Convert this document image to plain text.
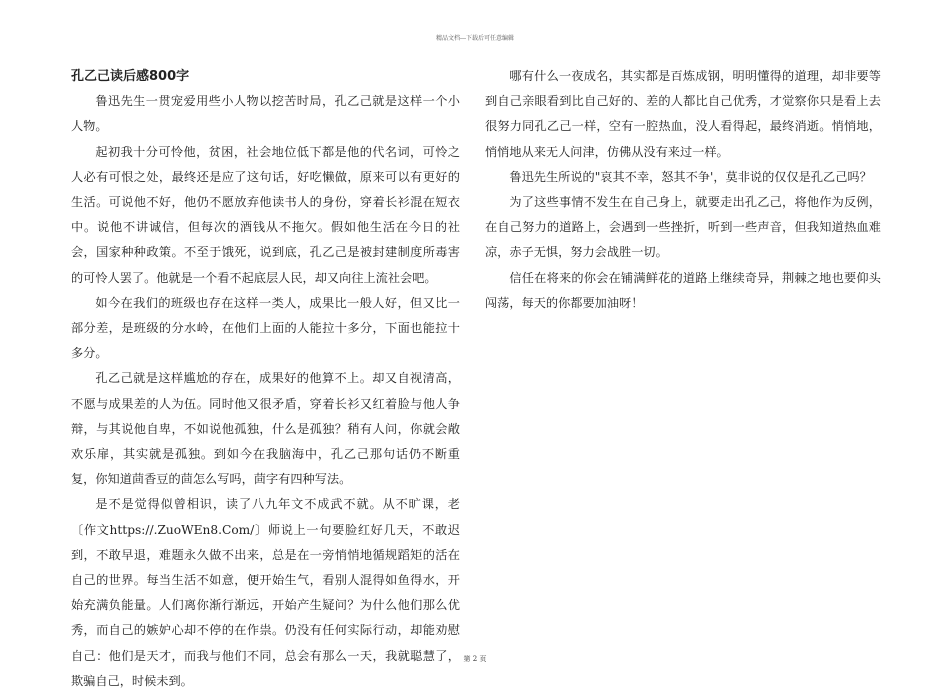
精品文档---下载后可任意编辑
孔乙己读后感800字

鲁迅先生一贯宠爱用些小人物以挖苦时局，孔乙己就是这样一个小人物。

起初我十分可怜他，贫困，社会地位低下都是他的代名词，可怜之人必有可恨之处，最终还是应了这句话，好吃懒做，原来可以有更好的生活。可说他不好，他仍不愿放弃他读书人的身份，穿着长衫混在短衣中。说他不讲诚信，但每次的酒钱从不拖欠。假如他生活在今日的社会，国家种种政策。不至于饿死，说到底，孔乙己是被封建制度所毒害的可怜人罢了。他就是一个看不起底层人民，却又向往上流社会吧。

如今在我们的班级也存在这样一类人，成果比一般人好，但又比一部分差，是班级的分水岭，在他们上面的人能拉十多分，下面也能拉十多分。

孔乙己就是这样尴尬的存在，成果好的他算不上。却又自视清高，不愿与成果差的人为伍。同时他又很矛盾，穿着长衫又红着脸与他人争辩，与其说他自卑，不如说他孤独，什么是孤独？稍有人问，你就会敞欢乐扉，其实就是孤独。到如今在我脑海中，孔乙己那句话仍不断重复，你知道茴香豆的茴怎么写吗，茴字有四种写法。

是不是觉得似曾相识，读了八九年文不成武不就。从不旷课，老〔作文https://.ZuoWEn8.Com/〕师说上一句要脸红好几天，不敢迟到，不敢早退，难题永久做不出来，总是在一旁悄悄地循规蹈矩的活在自己的世界。每当生活不如意，便开始生气，看别人混得如鱼得水，开始充满负能量。人们离你渐行渐远，开始产生疑问？为什么他们那么优秀，而自己的嫉妒心却不停的在作祟。仍没有任何实际行动，却能劝慰自己：他们是天才，而我与他们不同，总会有那么一天，我就聪慧了，欺骗自己，时候未到。

哪有什么一夜成名，其实都是百炼成钢，明明懂得的道理，却非要等到自己亲眼看到比自己好的、差的人都比自己优秀，才觉察你只是看上去很努力同孔乙己一样，空有一腔热血，没人看得起，最终消逝。悄悄地，悄悄地从来无人问津，仿佛从没有来过一样。

鲁迅先生所说的"哀其不幸，怒其不争'，莫非说的仅仅是孔乙己吗？

为了这些事情不发生在自己身上，就要走出孔乙己，将他作为反例，在自己努力的道路上，会遇到一些挫折，听到一些声音，但我知道热血难凉，赤子无惧，努力会战胜一切。

信任在将来的你会在铺满鲜花的道路上继续奇异，荆棘之地也要仰头闯荡，每天的你都要加油呀！

第 2 页
